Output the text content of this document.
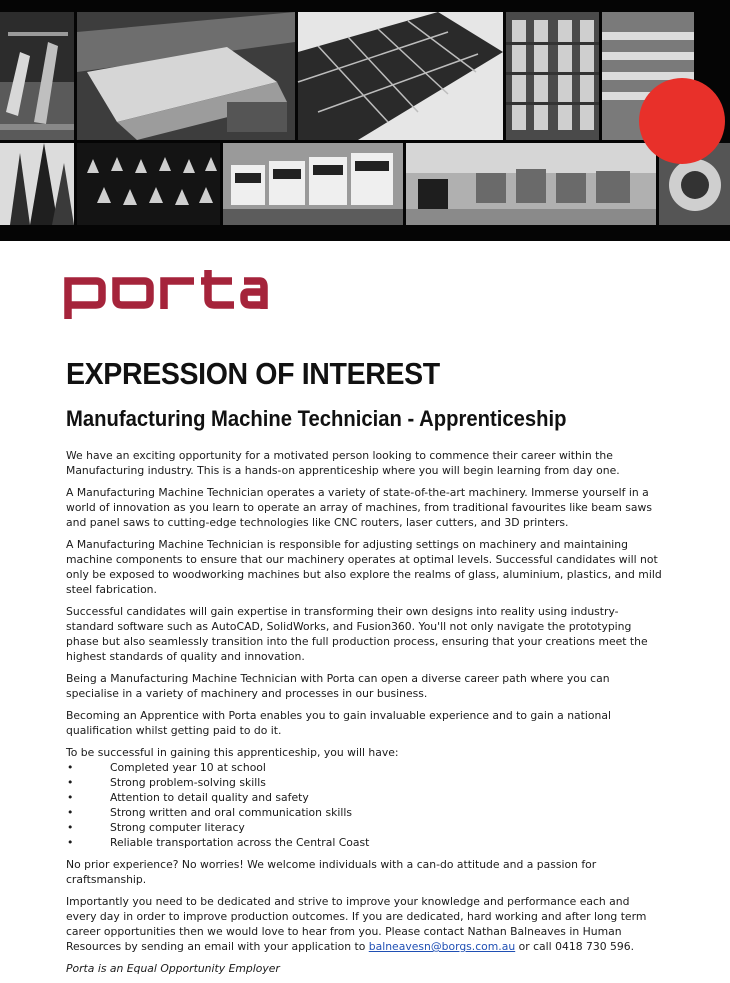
EXPRESSION OF INTEREST
Manufacturing Machine Technician - Apprenticeship

We have an exciting opportunity for a motivated person looking to commence their career within the Manufacturing industry. This is a hands-on apprenticeship where you will begin learning from day one.

A Manufacturing Machine Technician operates a variety of state-of-the-art machinery. Immerse yourself in a world of innovation as you learn to operate an array of machines, from traditional favourites like beam saws and panel saws to cutting-edge technologies like CNC routers, laser cutters, and 3D printers.

A Manufacturing Machine Technician is responsible for adjusting settings on machinery and maintaining machine components to ensure that our machinery operates at optimal levels. Successful candidates will not only be exposed to woodworking machines but also explore the realms of glass, aluminium, plastics, and mild steel fabrication.

Successful candidates will gain expertise in transforming their own designs into reality using industry-standard software such as AutoCAD, SolidWorks, and Fusion360. You'll not only navigate the prototyping phase but also seamlessly transition into the full production process, ensuring that your creations meet the highest standards of quality and innovation.

Being a Manufacturing Machine Technician with Porta can open a diverse career path where you can specialise in a variety of machinery and processes in our business.

Becoming an Apprentice with Porta enables you to gain invaluable experience and to gain a national qualification whilst getting paid to do it.

To be successful in gaining this apprenticeship, you will have:

•	Completed year 10 at school
•	Strong problem-solving skills
•	Attention to detail quality and safety
•	Strong written and oral communication skills
•	Strong computer literacy
•	Reliable transportation across the Central Coast

No prior experience? No worries! We welcome individuals with a can-do attitude and a passion for craftsmanship.

Importantly you need to be dedicated and strive to improve your knowledge and performance each and every day in order to improve production outcomes. If you are dedicated, hard working and after long term career opportunities then we would love to hear from you. Please contact Nathan Balneaves in Human Resources by sending an email with your application to balneavesn@borgs.com.au or call 0418 730 596.

Porta is an Equal Opportunity Employer
